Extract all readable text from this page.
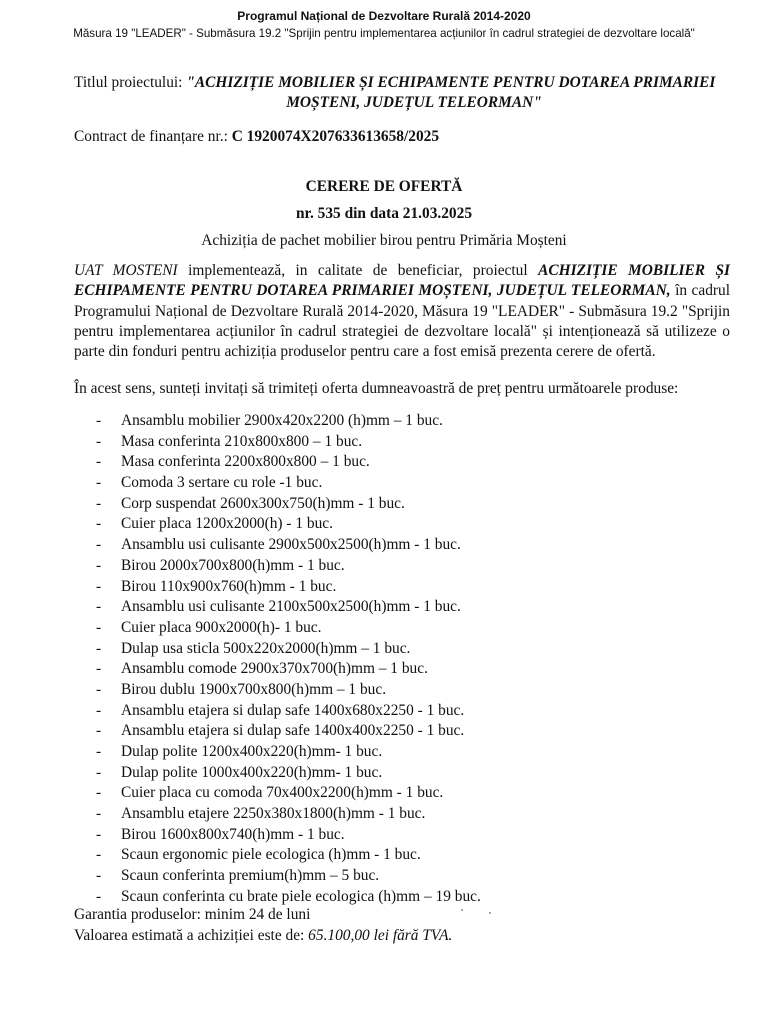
Programul Național de Dezvoltare Rurală 2014-2020
Măsura 19 "LEADER" - Submăsura 19.2 "Sprijin pentru implementarea acțiunilor în cadrul strategiei de dezvoltare locală"
Titlul proiectului: "ACHIZIȚIE MOBILIER ȘI ECHIPAMENTE PENTRU DOTAREA PRIMARIEI
MOȘTENI, JUDEȚUL TELEORMAN"
Contract de finanțare nr.: C 1920074X207633613658/2025
CERERE DE OFERTĂ
nr. 535 din data 21.03.2025
Achiziția de pachet mobilier birou pentru Primăria Moșteni
UAT MOSTENI implementează, in calitate de beneficiar, proiectul ACHIZIȚIE MOBILIER ȘI ECHIPAMENTE PENTRU DOTAREA PRIMARIEI MOȘTENI, JUDEȚUL TELEORMAN, în cadrul Programului Național de Dezvoltare Rurală 2014-2020, Măsura 19 "LEADER" - Submăsura 19.2 "Sprijin pentru implementarea acțiunilor în cadrul strategiei de dezvoltare locală" și intenționează să utilizeze o parte din fonduri pentru achiziția produselor pentru care a fost emisă prezenta cerere de ofertă.
În acest sens, sunteți invitați să trimiteți oferta dumneavoastră de preț pentru următoarele produse:
- Ansamblu mobilier 2900x420x2200 (h)mm – 1 buc.
- Masa conferinta 210x800x800 – 1 buc.
- Masa conferinta 2200x800x800 – 1 buc.
- Comoda 3 sertare cu role -1 buc.
- Corp suspendat 2600x300x750(h)mm - 1 buc.
- Cuier placa 1200x2000(h) - 1 buc.
- Ansamblu usi culisante 2900x500x2500(h)mm - 1 buc.
- Birou 2000x700x800(h)mm - 1 buc.
- Birou 110x900x760(h)mm - 1 buc.
- Ansamblu usi culisante 2100x500x2500(h)mm - 1 buc.
- Cuier placa 900x2000(h)- 1 buc.
- Dulap usa sticla 500x220x2000(h)mm – 1 buc.
- Ansamblu comode 2900x370x700(h)mm – 1 buc.
- Birou dublu 1900x700x800(h)mm – 1 buc.
- Ansamblu etajera si dulap safe 1400x680x2250 - 1 buc.
- Ansamblu etajera si dulap safe 1400x400x2250 - 1 buc.
- Dulap polite 1200x400x220(h)mm- 1 buc.
- Dulap polite 1000x400x220(h)mm- 1 buc.
- Cuier placa cu comoda 70x400x2200(h)mm - 1 buc.
- Ansamblu etajere 2250x380x1800(h)mm - 1 buc.
- Birou 1600x800x740(h)mm - 1 buc.
- Scaun ergonomic piele ecologica (h)mm - 1 buc.
- Scaun conferinta premium(h)mm – 5 buc.
- Scaun conferinta cu brate piele ecologica (h)mm – 19 buc.
Garantia produselor: minim 24 de luni
Valoarea estimată a achiziției este de: 65.100,00 lei fără TVA.
